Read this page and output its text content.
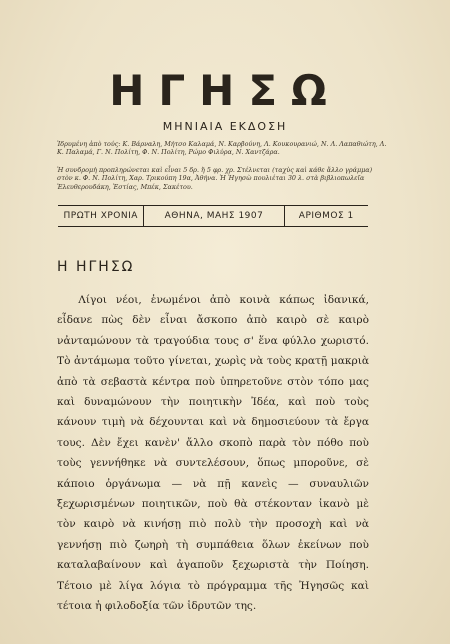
ΗΓΗΣΩ
ΜΗΝΙΑΙΑ ΕΚΔΟΣΗ
Ἱδρυμένη ἀπὸ τούς: Κ. Βάρναλη, Μήτσο Καλαμά, Ν. Καρβούνη, Λ. Κουκουρανιώ, Ν. Λ. Λαπαθιώτη, Λ. Κ. Παλαμά, Γ. Ν. Πολίτη, Φ. Ν. Πολίτη, Ρώμο Φιλύρα, Ν. Χαντζάρα.
Ἡ συνδρομὴ προπληρώνεται καὶ εἶναι 5 δρ. ἢ 5 φρ. χρ. Στέλνεται (ταχὺς καὶ κάθε ἄλλο γράμμα) στὸν κ. Φ. Ν. Πολίτη, Χαρ. Τρικούπη 19α, Ἀθήνα. Ἡ Ἠγησὼ πουλιέται 30 λ. στὰ βιβλιοπωλεῖα Ἐλευθερουδάκη, Ἑστίας, Μπέκ, Σακέτου.
ΠΡΩΤΗ ΧΡΟΝΙΑ	ΑΘΗΝΑ, ΜΑΗΣ 1907	ΑΡΙΘΜΟΣ 1
Η ΗΓΗΣΩ
Λίγοι νέοι, ἑνωμένοι ἀπὸ κοινὰ κάπως ἰδανικά, εἶδανε πὼς δὲν εἶναι ἄσκοπο ἀπὸ καιρὸ σὲ καιρὸ νἀνταμώνουν τὰ τραγούδια τους σ' ἕνα φύλλο χωριστό. Τὸ ἀντάμωμα τοῦτο γίνεται, χωρὶς νὰ τοὺς κρατῇ μακριὰ ἀπὸ τὰ σεβαστὰ κέντρα ποὺ ὑπηρετοῦνε στὸν τόπο μας καὶ δυναμώνουν τὴν ποιητικὴν Ἰδέα, καὶ ποὺ τοὺς κάνουν τιμὴ νὰ δέχουνται καὶ νὰ δημοσιεύουν τὰ ἔργα τους. Δὲν ἔχει κανὲν' ἄλλο σκοπὸ παρὰ τὸν πόθο ποὺ τοὺς γεννήθηκε νὰ συντελέσουν, ὅπως μποροῦνε, σὲ κάποιο ὀργάνωμα — νὰ πῇ κανεὶς — συναυλιῶν ξεχωρισμένων ποιητικῶν, ποὺ θὰ στέκονταν ἱκανὸ μὲ τὸν καιρὸ νὰ κινήσῃ πιὸ πολὺ τὴν προσοχὴ καὶ νὰ γεννήσῃ πιὸ ζωηρὴ τὴ συμπάθεια ὅλων ἐκείνων ποὺ καταλαβαίνουν καὶ ἀγαποῦν ξεχωριστὰ τὴν Ποίηση. Τέτοιο μὲ λίγα λόγια τὸ πρόγραμμα τῆς Ἠγησῶς καὶ τέτοια ἡ φιλοδοξία τῶν ἱδρυτῶν της.
